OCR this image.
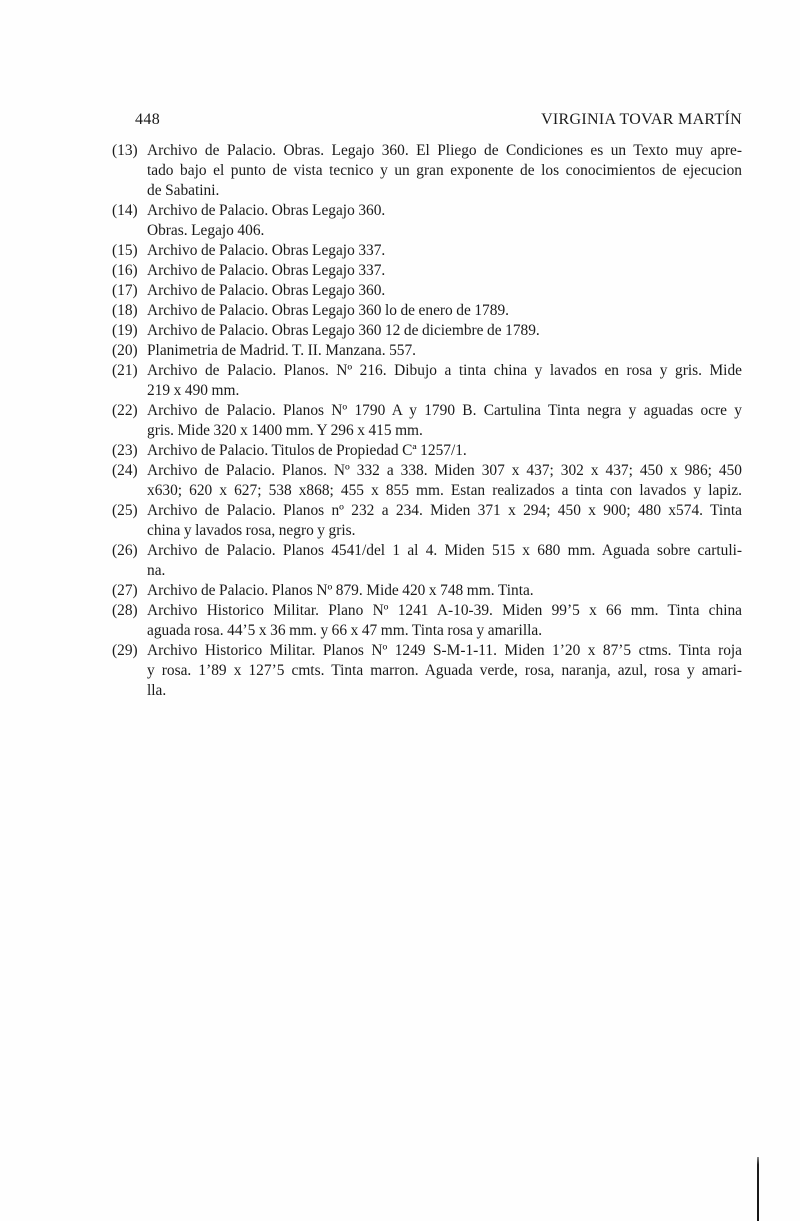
448	VIRGINIA TOVAR MARTÍN
(13) Archivo de Palacio. Obras. Legajo 360. El Pliego de Condiciones es un Texto muy apre-
tado bajo el punto de vista tecnico y un gran exponente de los conocimientos de ejecucion
de Sabatini.
(14) Archivo de Palacio. Obras Legajo 360.
Obras. Legajo 406.
(15) Archivo de Palacio. Obras Legajo 337.
(16) Archivo de Palacio. Obras Legajo 337.
(17) Archivo de Palacio. Obras Legajo 360.
(18) Archivo de Palacio. Obras Legajo 360 lo de enero de 1789.
(19) Archivo de Palacio. Obras Legajo 360 12 de diciembre de 1789.
(20) Planimetria de Madrid. T. II. Manzana. 557.
(21) Archivo de Palacio. Planos. Nº 216. Dibujo a tinta china y lavados en rosa y gris. Mide
219 x 490 mm.
(22) Archivo de Palacio. Planos Nº 1790 A y 1790 B. Cartulina Tinta negra y aguadas ocre y
gris. Mide 320 x 1400 mm. Y 296 x 415 mm.
(23) Archivo de Palacio. Titulos de Propiedad Cª 1257/1.
(24) Archivo de Palacio. Planos. Nº 332 a 338. Miden 307 x 437; 302 x 437; 450 x 986; 450
x630; 620 x 627; 538 x868; 455 x 855 mm. Estan realizados a tinta con lavados y lapiz.
(25) Archivo de Palacio. Planos nº 232 a 234. Miden 371 x 294; 450 x 900; 480 x574. Tinta
china y lavados rosa, negro y gris.
(26) Archivo de Palacio. Planos 4541/del 1 al 4. Miden 515 x 680 mm. Aguada sobre cartuli-
na.
(27) Archivo de Palacio. Planos Nº 879. Mide 420 x 748 mm. Tinta.
(28) Archivo Historico Militar. Plano Nº 1241 A-10-39. Miden 99’5 x 66 mm. Tinta china
aguada rosa. 44’5 x 36 mm. y 66 x 47 mm. Tinta rosa y amarilla.
(29) Archivo Historico Militar. Planos Nº 1249 S-M-1-11. Miden 1’20 x 87’5 ctms. Tinta roja
y rosa. 1’89 x 127’5 cmts. Tinta marron. Aguada verde, rosa, naranja, azul, rosa y amari-
lla.
